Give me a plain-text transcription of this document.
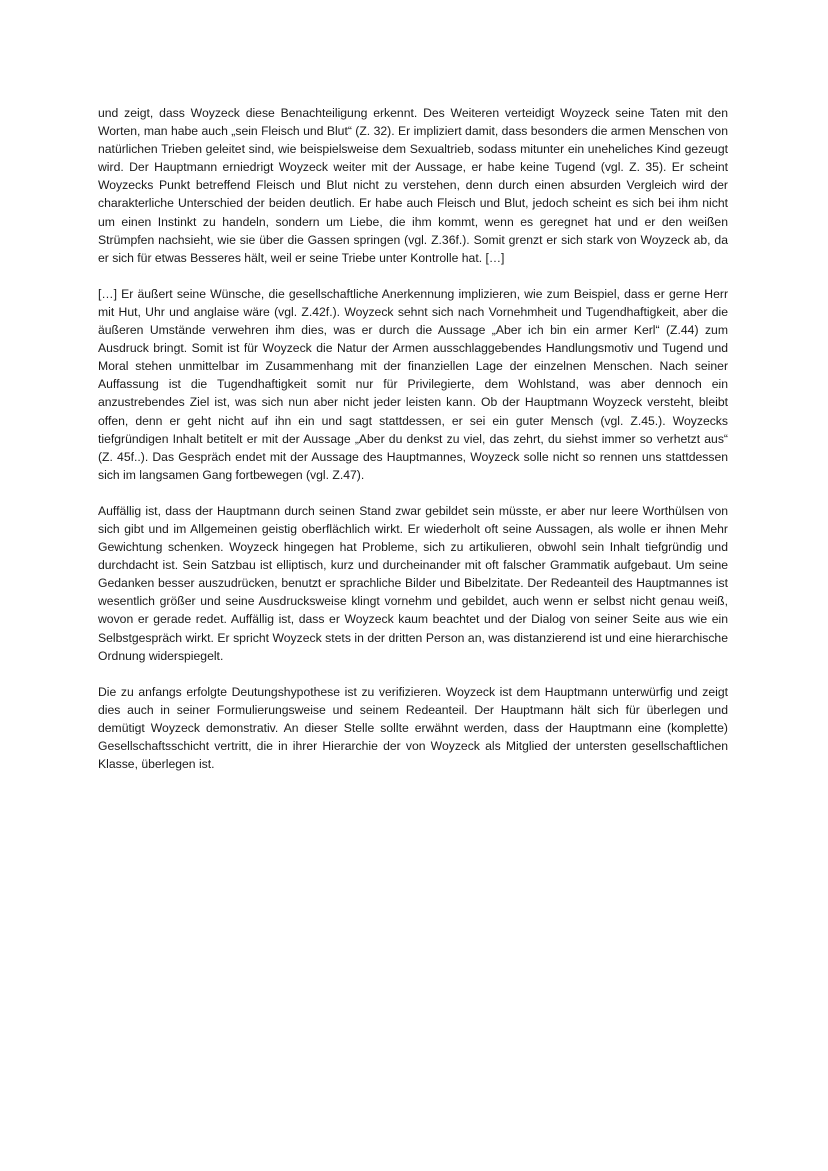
und zeigt, dass Woyzeck diese Benachteiligung erkennt. Des Weiteren verteidigt Woyzeck seine Taten mit den Worten, man habe auch „sein Fleisch und Blut“ (Z. 32). Er impliziert damit, dass besonders die armen Menschen von natürlichen Trieben geleitet sind, wie beispielsweise dem Sexualtrieb, sodass mitunter ein uneheliches Kind gezeugt wird. Der Hauptmann erniedrigt Woyzeck weiter mit der Aussage, er habe keine Tugend (vgl. Z. 35). Er scheint Woyzecks Punkt betreffend Fleisch und Blut nicht zu verstehen, denn durch einen absurden Vergleich wird der charakterliche Unterschied der beiden deutlich. Er habe auch Fleisch und Blut, jedoch scheint es sich bei ihm nicht um einen Instinkt zu handeln, sondern um Liebe, die ihm kommt, wenn es geregnet hat und er den weißen Strümpfen nachsieht, wie sie über die Gassen springen (vgl. Z.36f.). Somit grenzt er sich stark von Woyzeck ab, da er sich für etwas Besseres hält, weil er seine Triebe unter Kontrolle hat. […]

[…] Er äußert seine Wünsche, die gesellschaftliche Anerkennung implizieren, wie zum Beispiel, dass er gerne Herr mit Hut, Uhr und anglaise wäre (vgl. Z.42f.). Woyzeck sehnt sich nach Vornehmheit und Tugendhaftigkeit, aber die äußeren Umstände verwehren ihm dies, was er durch die Aussage „Aber ich bin ein armer Kerl“ (Z.44) zum Ausdruck bringt. Somit ist für Woyzeck die Natur der Armen ausschlaggebendes Handlungsmotiv und Tugend und Moral stehen unmittelbar im Zusammenhang mit der finanziellen Lage der einzelnen Menschen. Nach seiner Auffassung ist die Tugendhaftigkeit somit nur für Privilegierte, dem Wohlstand, was aber dennoch ein anzustrebendes Ziel ist, was sich nun aber nicht jeder leisten kann. Ob der Hauptmann Woyzeck versteht, bleibt offen, denn er geht nicht auf ihn ein und sagt stattdessen, er sei ein guter Mensch (vgl. Z.45.). Woyzecks tiefgründigen Inhalt betitelt er mit der Aussage „Aber du denkst zu viel, das zehrt, du siehst immer so verhetzt aus“ (Z. 45f..). Das Gespräch endet mit der Aussage des Hauptmannes, Woyzeck solle nicht so rennen uns stattdessen sich im langsamen Gang fortbewegen (vgl. Z.47).

Auffällig ist, dass der Hauptmann durch seinen Stand zwar gebildet sein müsste, er aber nur leere Worthülsen von sich gibt und im Allgemeinen geistig oberflächlich wirkt. Er wiederholt oft seine Aussagen, als wolle er ihnen Mehr Gewichtung schenken. Woyzeck hingegen hat Probleme, sich zu artikulieren, obwohl sein Inhalt tiefgründig und durchdacht ist. Sein Satzbau ist elliptisch, kurz und durcheinander mit oft falscher Grammatik aufgebaut. Um seine Gedanken besser auszudrücken, benutzt er sprachliche Bilder und Bibelzitate. Der Redeanteil des Hauptmannes ist wesentlich größer und seine Ausdrucksweise klingt vornehm und gebildet, auch wenn er selbst nicht genau weiß, wovon er gerade redet. Auffällig ist, dass er Woyzeck kaum beachtet und der Dialog von seiner Seite aus wie ein Selbstgespräch wirkt. Er spricht Woyzeck stets in der dritten Person an, was distanzierend ist und eine hierarchische Ordnung widerspiegelt.

Die zu anfangs erfolgte Deutungshypothese ist zu verifizieren. Woyzeck ist dem Hauptmann unterwürfig und zeigt dies auch in seiner Formulierungsweise und seinem Redeanteil. Der Hauptmann hält sich für überlegen und demütigt Woyzeck demonstrativ. An dieser Stelle sollte erwähnt werden, dass der Hauptmann eine (komplette) Gesellschaftsschicht vertritt, die in ihrer Hierarchie der von Woyzeck als Mitglied der untersten gesellschaftlichen Klasse, überlegen ist.
